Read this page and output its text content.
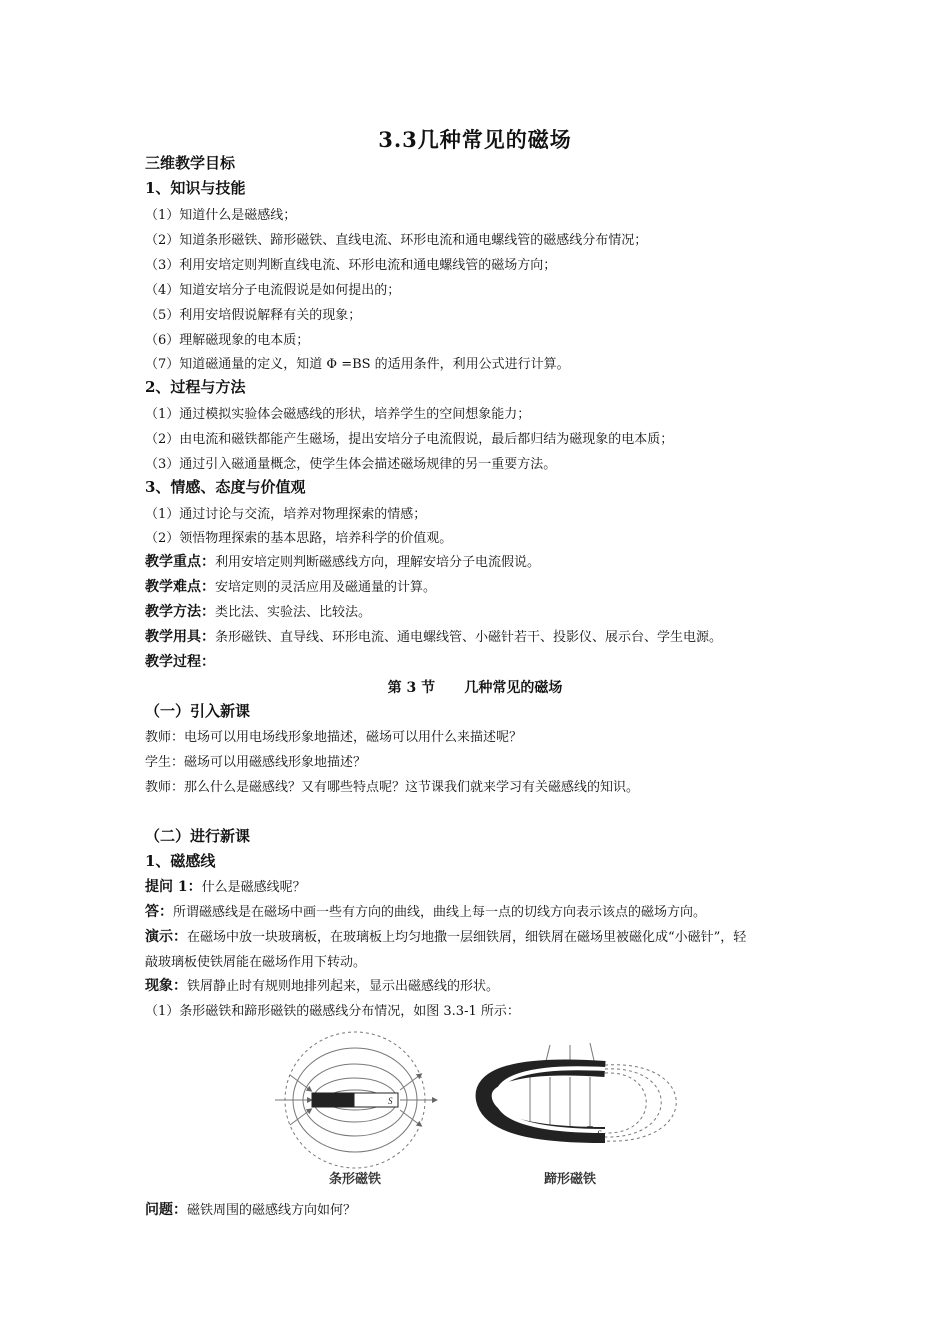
3.3几种常见的磁场
三维教学目标
1、知识与技能
（1）知道什么是磁感线；
（2）知道条形磁铁、蹄形磁铁、直线电流、环形电流和通电螺线管的磁感线分布情况；
（3）利用安培定则判断直线电流、环形电流和通电螺线管的磁场方向；
（4）知道安培分子电流假说是如何提出的；
（5）利用安培假说解释有关的现象；
（6）理解磁现象的电本质；
（7）知道磁通量的定义，知道 Φ =BS 的适用条件，利用公式进行计算。
2、过程与方法
（1）通过模拟实验体会磁感线的形状，培养学生的空间想象能力；
（2）由电流和磁铁都能产生磁场，提出安培分子电流假说，最后都归结为磁现象的电本质；
（3）通过引入磁通量概念，使学生体会描述磁场规律的另一重要方法。
3、情感、态度与价值观
（1）通过讨论与交流，培养对物理探索的情感；
（2）领悟物理探索的基本思路，培养科学的价值观。
教学重点：利用安培定则判断磁感线方向，理解安培分子电流假说。
教学难点：安培定则的灵活应用及磁通量的计算。
教学方法：类比法、实验法、比较法。
教学用具：条形磁铁、直导线、环形电流、通电螺线管、小磁针若干、投影仪、展示台、学生电源。
教学过程：
第 3 节      几种常见的磁场
（一）引入新课
教师：电场可以用电场线形象地描述，磁场可以用什么来描述呢？
学生：磁场可以用磁感线形象地描述？
教师：那么什么是磁感线？又有哪些特点呢？这节课我们就来学习有关磁感线的知识。
（二）进行新课
1、磁感线
提问 1：什么是磁感线呢？
答：所谓磁感线是在磁场中画一些有方向的曲线，曲线上每一点的切线方向表示该点的磁场方向。
演示：在磁场中放一块玻璃板，在玻璃板上均匀地撒一层细铁屑，细铁屑在磁场里被磁化成“小磁针”，轻
敲玻璃板使铁屑能在磁场作用下转动。
现象：铁屑静止时有规则地排列起来，显示出磁感线的形状。
（1）条形磁铁和蹄形磁铁的磁感线分布情况，如图 3.3-1 所示：
S
条形磁铁
S
蹄形磁铁
问题：磁铁周围的磁感线方向如何？
